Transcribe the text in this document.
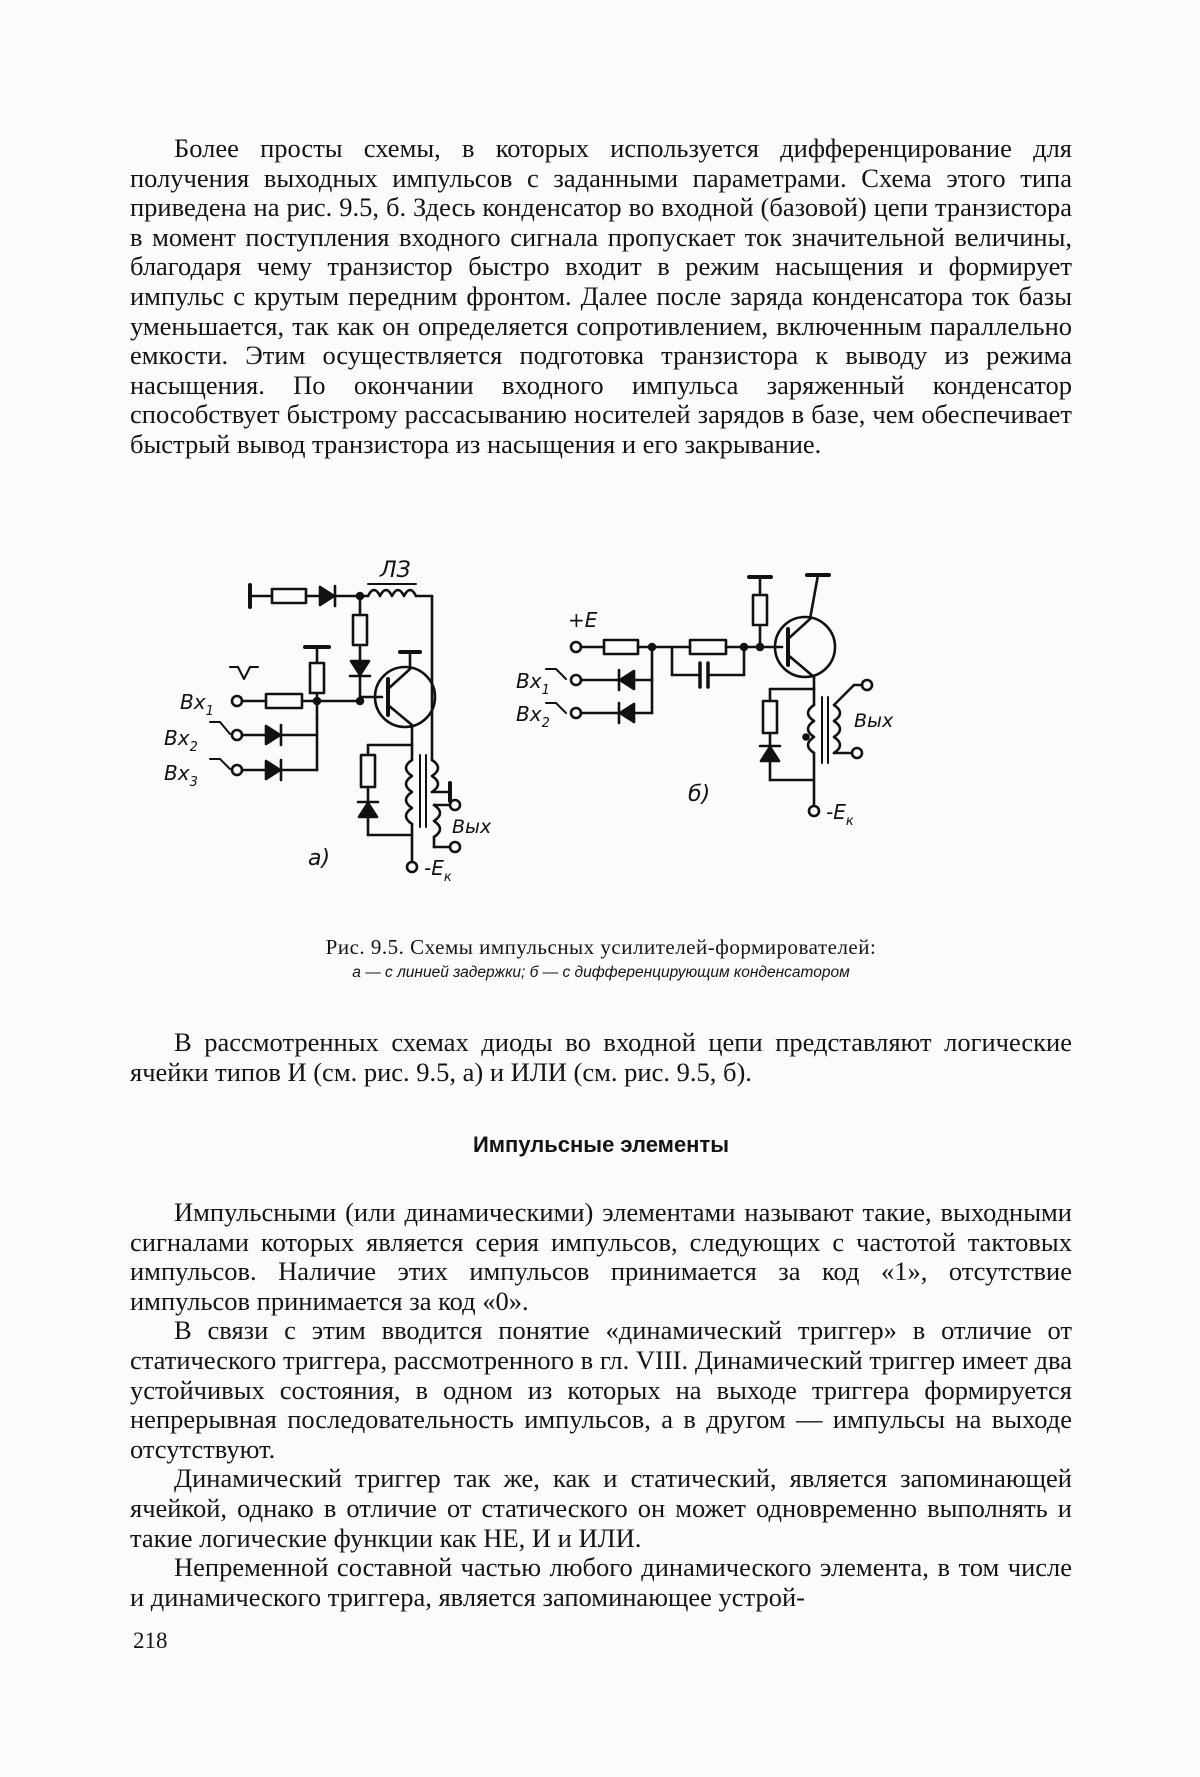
Более просты схемы, в которых используется дифференцирование для получения выходных импульсов с заданными параметрами. Схема этого типа приведена на рис. 9.5, б. Здесь конденсатор во входной (базовой) цепи транзистора в момент поступления входного сигнала пропускает ток значительной величины, благодаря чему транзистор быстро входит в режим насыщения и формирует импульс с крутым передним фронтом. Далее после заряда конденсатора ток базы уменьшается, так как он определяется сопротивлением, включенным параллельно емкости. Этим осуществляется подготовка транзистора к выводу из режима насыщения. По окончании входного импульса заряженный конденсатор способствует быстрому рассасыванию носителей зарядов в базе, чем обеспечивает быстрый вывод транзистора из насыщения и его закрывание.

ЛЗ
$Вх_1$
$Вх_2$
$Вх_3$
Вых
$-Е_к$
а)
+Е
$Вх_1$
$Вх_2$	Вых
$-Е_к$
б)
Рис. 9.5. Схемы импульсных усилителей-формирователей:
а — с линией задержки; б — с дифференцирующим конденсатором

В рассмотренных схемах диоды во входной цепи представляют логические ячейки типов И (см. рис. 9.5, а) и ИЛИ (см. рис. 9.5, б).

Импульсные элементы

Импульсными (или динамическими) элементами называют такие, выходными сигналами которых является серия импульсов, следующих с частотой тактовых импульсов. Наличие этих импульсов принимается за код «1», отсутствие импульсов принимается за код «0».

В связи с этим вводится понятие «динамический триггер» в отличие от статического триггера, рассмотренного в гл. VIII. Динамический триггер имеет два устойчивых состояния, в одном из которых на выходе триггера формируется непрерывная последовательность импульсов, а в другом — импульсы на выходе отсутствуют.

Динамический триггер так же, как и статический, является запоминающей ячейкой, однако в отличие от статического он может одновременно выполнять и такие логические функции как НЕ, И и ИЛИ.

Непременной составной частью любого динамического элемента, в том числе и динамического триггера, является запоминающее устрой-

218
